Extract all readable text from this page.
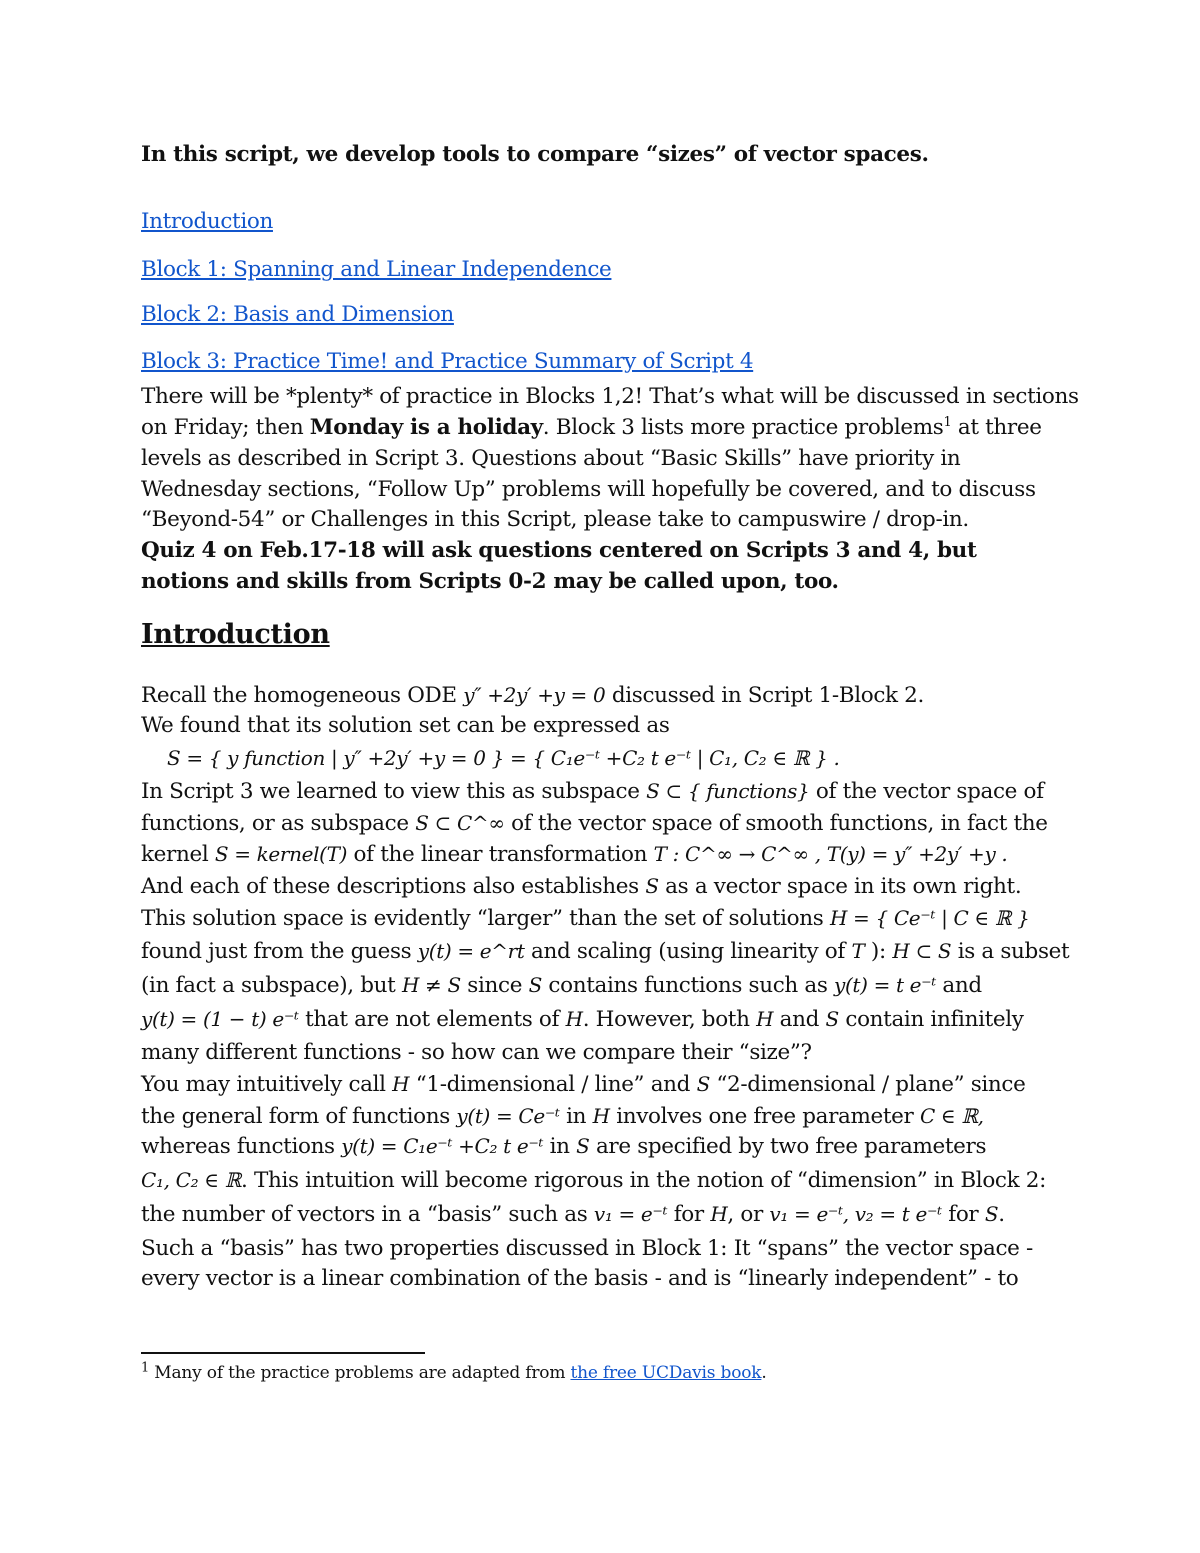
In this script, we develop tools to compare “sizes” of vector spaces.
Introduction
Block 1: Spanning and Linear Independence
Block 2: Basis and Dimension
Block 3: Practice Time! and Practice Summary of Script 4
There will be *plenty* of practice in Blocks 1,2! That’s what will be discussed in sections
on Friday; then Monday is a holiday. Block 3 lists more practice problems$^1$ at three
levels as described in Script 3. Questions about “Basic Skills” have priority in
Wednesday sections, “Follow Up” problems will hopefully be covered, and to discuss
“Beyond-54” or Challenges in this Script, please take to campuswire / drop-in.
Quiz 4 on Feb.17-18 will ask questions centered on Scripts 3 and 4, but
notions and skills from Scripts 0-2 may be called upon, too.
Introduction
Recall the homogeneous ODE y″ +2y′ +y = 0 discussed in Script 1-Block 2.
We found that its solution set can be expressed as
S = { y function | y″ +2y′ +y = 0 } = { C₁e⁻ᵗ +C₂ t e⁻ᵗ | C₁, C₂ ∈ ℝ } .
In Script 3 we learned to view this as subspace S ⊂ { functions} of the vector space of
functions, or as subspace S ⊂ C^∞ of the vector space of smooth functions, in fact the
kernel S = kernel(T) of the linear transformation T : C^∞ → C^∞ , T(y) = y″ +2y′ +y .
And each of these descriptions also establishes S as a vector space in its own right.
This solution space is evidently “larger” than the set of solutions H = { Ce⁻ᵗ | C ∈ ℝ }
found just from the guess y(t) = e^rt and scaling (using linearity of T ): H ⊂ S is a subset
(in fact a subspace), but H ≠ S since S contains functions such as y(t) = t e⁻ᵗ and
y(t) = (1 − t) e⁻ᵗ that are not elements of H. However, both H and S contain infinitely
many different functions - so how can we compare their “size”?
You may intuitively call H “1-dimensional / line” and S “2-dimensional / plane” since
the general form of functions y(t) = Ce⁻ᵗ in H involves one free parameter C ∈ ℝ,
whereas functions y(t) = C₁e⁻ᵗ +C₂ t e⁻ᵗ in S are specified by two free parameters
C₁, C₂ ∈ ℝ. This intuition will become rigorous in the notion of “dimension” in Block 2:
the number of vectors in a “basis” such as v₁ = e⁻ᵗ for H, or v₁ = e⁻ᵗ, v₂ = t e⁻ᵗ for S.
Such a “basis” has two properties discussed in Block 1: It “spans” the vector space -
every vector is a linear combination of the basis - and is “linearly independent” - to
$^1$ Many of the practice problems are adapted from the free UCDavis book.
